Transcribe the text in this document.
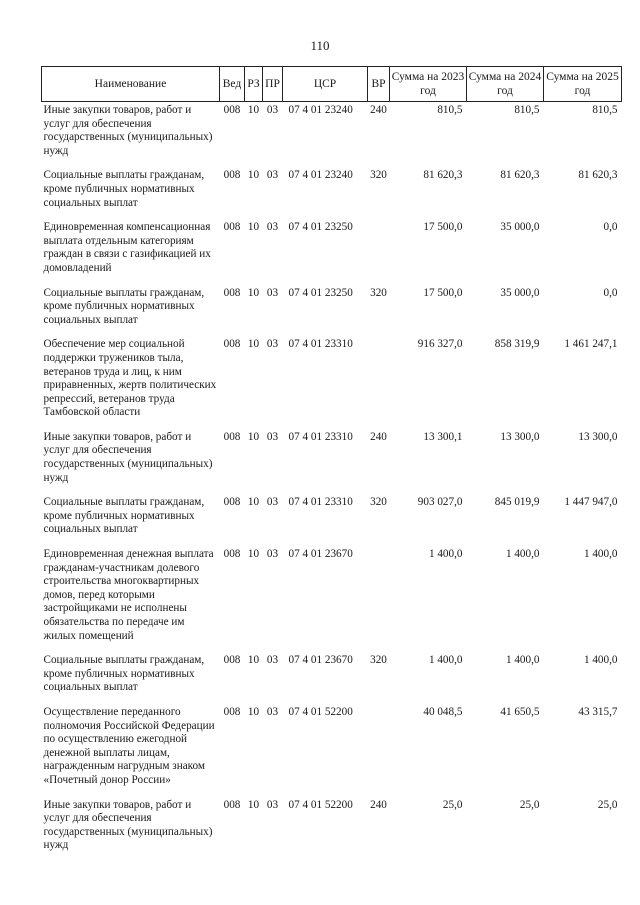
110
Наименование	Вед	РЗ	ПР	ЦСР	ВР	Сумма на 2023 год	Сумма на 2024 год	Сумма на 2025 год
Иные закупки товаров, работ и услуг для обеспечения государственных (муниципальных) нужд	008	10	03	07 4 01 23240	240	810,5	810,5	810,5
Социальные выплаты гражданам, кроме публичных нормативных социальных выплат	008	10	03	07 4 01 23240	320	81 620,3	81 620,3	81 620,3
Единовременная компенсационная выплата отдельным категориям граждан в связи с газификацией их домовладений	008	10	03	07 4 01 23250		17 500,0	35 000,0	0,0
Социальные выплаты гражданам, кроме публичных нормативных социальных выплат	008	10	03	07 4 01 23250	320	17 500,0	35 000,0	0,0
Обеспечение мер социальной поддержки тружеников тыла, ветеранов труда и лиц, к ним приравненных, жертв политических репрессий, ветеранов труда Тамбовской области	008	10	03	07 4 01 23310		916 327,0	858 319,9	1 461 247,1
Иные закупки товаров, работ и услуг для обеспечения государственных (муниципальных) нужд	008	10	03	07 4 01 23310	240	13 300,1	13 300,0	13 300,0
Социальные выплаты гражданам, кроме публичных нормативных социальных выплат	008	10	03	07 4 01 23310	320	903 027,0	845 019,9	1 447 947,0
Единовременная денежная выплата гражданам-участникам долевого строительства многоквартирных домов, перед которыми застройщиками не исполнены обязательства по передаче им жилых помещений	008	10	03	07 4 01 23670		1 400,0	1 400,0	1 400,0
Социальные выплаты гражданам, кроме публичных нормативных социальных выплат	008	10	03	07 4 01 23670	320	1 400,0	1 400,0	1 400,0
Осуществление переданного полномочия Российской Федерации по осуществлению ежегодной денежной выплаты лицам, награжденным нагрудным знаком «Почетный донор России»	008	10	03	07 4 01 52200		40 048,5	41 650,5	43 315,7
Иные закупки товаров, работ и услуг для обеспечения государственных (муниципальных) нужд	008	10	03	07 4 01 52200	240	25,0	25,0	25,0
